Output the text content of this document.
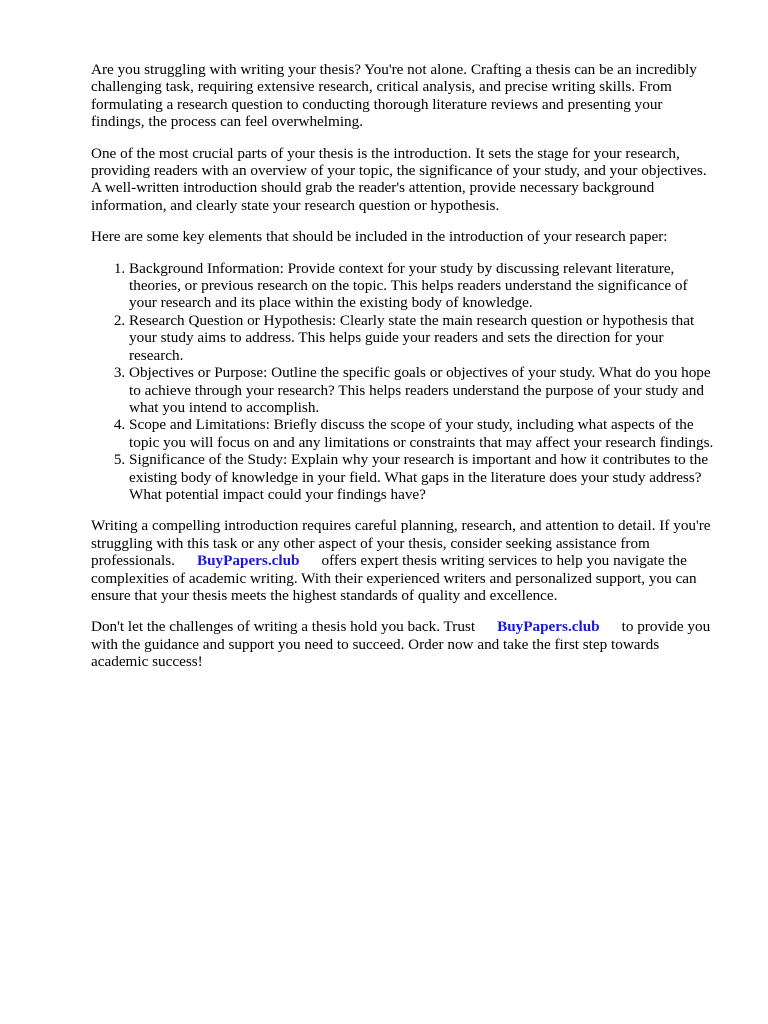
Are you struggling with writing your thesis? You're not alone. Crafting a thesis can be an incredibly challenging task, requiring extensive research, critical analysis, and precise writing skills. From formulating a research question to conducting thorough literature reviews and presenting your findings, the process can feel overwhelming.

One of the most crucial parts of your thesis is the introduction. It sets the stage for your research, providing readers with an overview of your topic, the significance of your study, and your objectives. A well-written introduction should grab the reader's attention, provide necessary background information, and clearly state your research question or hypothesis.

Here are some key elements that should be included in the introduction of your research paper:

1. Background Information: Provide context for your study by discussing relevant literature, theories, or previous research on the topic. This helps readers understand the significance of your research and its place within the existing body of knowledge.
2. Research Question or Hypothesis: Clearly state the main research question or hypothesis that your study aims to address. This helps guide your readers and sets the direction for your research.
3. Objectives or Purpose: Outline the specific goals or objectives of your study. What do you hope to achieve through your research? This helps readers understand the purpose of your study and what you intend to accomplish.
4. Scope and Limitations: Briefly discuss the scope of your study, including what aspects of the topic you will focus on and any limitations or constraints that may affect your research findings.
5. Significance of the Study: Explain why your research is important and how it contributes to the existing body of knowledge in your field. What gaps in the literature does your study address? What potential impact could your findings have?

Writing a compelling introduction requires careful planning, research, and attention to detail. If you're struggling with this task or any other aspect of your thesis, consider seeking assistance from professionals. BuyPapers.club offers expert thesis writing services to help you navigate the complexities of academic writing. With their experienced writers and personalized support, you can ensure that your thesis meets the highest standards of quality and excellence.

Don't let the challenges of writing a thesis hold you back. Trust BuyPapers.club to provide you with the guidance and support you need to succeed. Order now and take the first step towards academic success!
